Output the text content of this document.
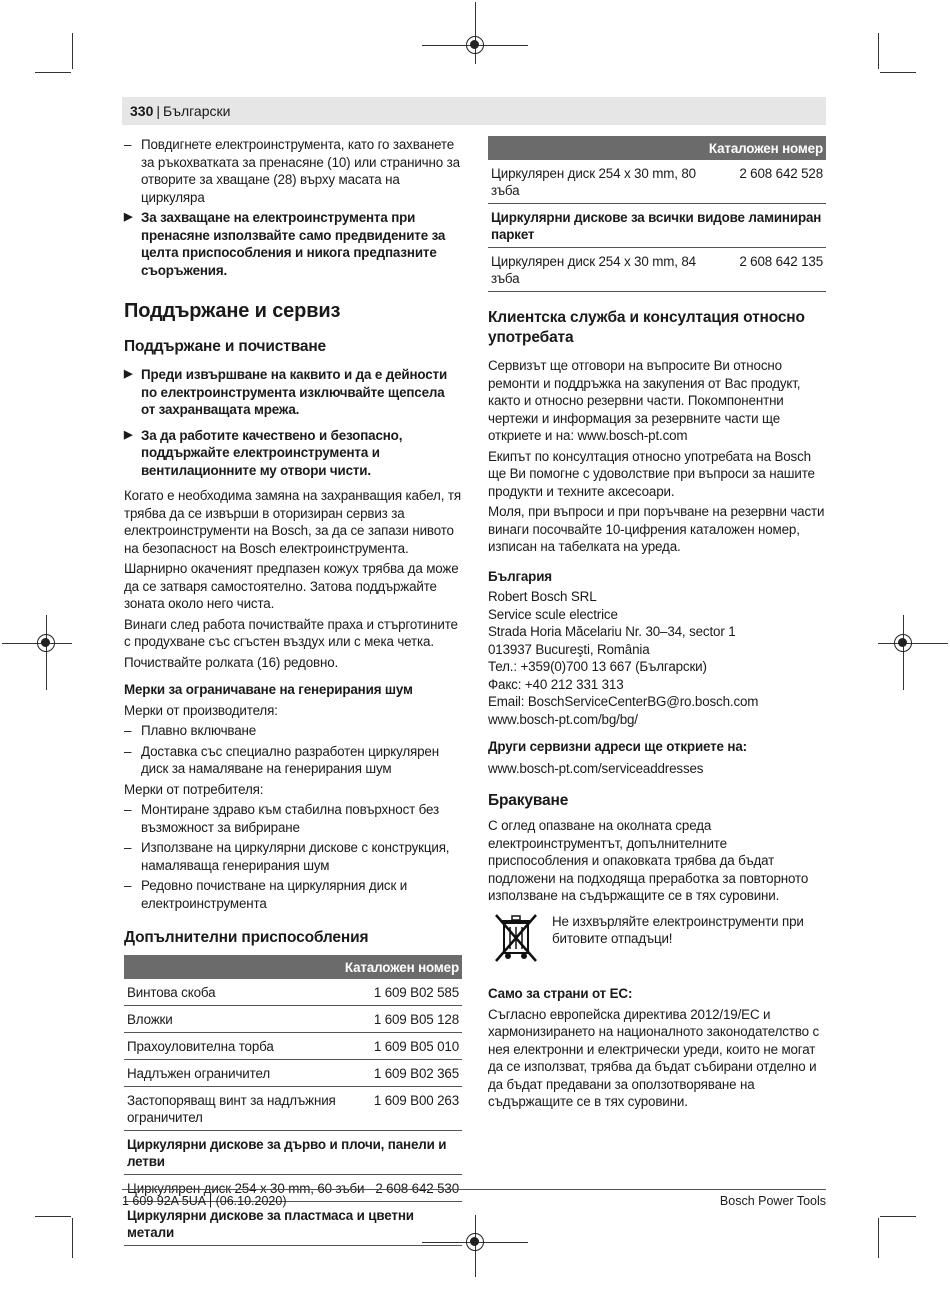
330 | Български
– Повдигнете електроинструмента, като го захванете за ръкохватката за пренасяне (10) или странично за отворите за хващане (28) върху масата на циркуляра
▶ За захващане на електроинструмента при пренасяне използвайте само предвидените за целта приспособления и никога предпазните съоръжения.
Поддържане и сервиз
Поддържане и почистване
▶ Преди извършване на каквито и да е дейности по електроинструмента изключвайте щепсела от захранващата мрежа.
▶ За да работите качествено и безопасно, поддържайте електроинструмента и вентилационните му отвори чисти.

Когато е необходима замяна на захранващия кабел, тя трябва да се извърши в оторизиран сервиз за електроинструменти на Bosch, за да се запази нивото на безопасност на Bosch електроинструмента.

Шарнирно окаченият предпазен кожух трябва да може да се затваря самостоятелно. Затова поддържайте зоната около него чиста.

Винаги след работа почиствайте праха и стърготините с продухване със сгъстен въздух или с мека четка.

Почиствайте ролката (16) редовно.

Мерки за ограничаване на генерирания шум

Мерки от производителя:

– Плавно включване
– Доставка със специално разработен циркулярен диск за намаляване на генерирания шум

Мерки от потребителя:

– Монтиране здраво към стабилна повърхност без възможност за вибриране
– Използване на циркулярни дискове с конструкция, намаляваща генерирания шум
– Редовно почистване на циркулярния диск и електроинструмента
Допълнителни приспособления
Каталожен номер	
Винтова скоба	1 609 B02 585
Вложки	1 609 B05 128
Прахоуловителна торба	1 609 B05 010
Надлъжен ограничител	1 609 B02 365
Застопоряващ винт за надлъжния ограничител	1 609 B00 263
Циркулярни дискове за дърво и плочи, панели и летви	
Циркулярен диск 254 x 30 mm, 60 зъби	2 608 642 530
Циркулярни дискове за пластмаса и цветни метали	
Каталожен номер	
Циркулярен диск 254 x 30 mm, 80 зъба	2 608 642 528
Циркулярни дискове за всички видове ламиниран паркет	
Циркулярен диск 254 x 30 mm, 84 зъба	2 608 642 135
Клиентска служба и консултация относно употребата

Сервизът ще отговори на въпросите Ви относно ремонти и поддръжка на закупения от Вас продукт, както и относно резервни части. Покомпонентни чертежи и информация за резервните части ще откриете и на: www.bosch-pt.com

Екипът по консултация относно употребата на Bosch ще Ви помогне с удоволствие при въпроси за нашите продукти и техните аксесоари.

Моля, при въпроси и при поръчване на резервни части винаги посочвайте 10-цифрения каталожен номер, изписан на табелката на уреда.

България
Robert Bosch SRL
Service scule electrice
Strada Horia Măcelariu Nr. 30–34, sector 1
013937 Bucureşti, România
Тел.: +359(0)700 13 667 (Български)
Факс: +40 212 331 313
Email: BoschServiceCenterBG@ro.bosch.com
www.bosch-pt.com/bg/bg/
Други сервизни адреси ще откриете на:
www.bosch-pt.com/serviceaddresses
Бракуване

С оглед опазване на околната среда електроинструментът, допълнителните приспособления и опаковката трябва да бъдат подложени на подходяща преработка за повторното използване на съдържащите се в тях суровини.

Не изхвърляйте електроинструменти при битовите отпадъци!
Само за страни от ЕС:

Съгласно европейска директива 2012/19/ЕС и хармонизирането на националното законодателство с нея електронни и електрически уреди, които не могат да се използват, трябва да бъдат събирани отделно и да бъдат предавани за оползотворяване на съдържащите се в тях суровини.

1 609 92A 5UA | (06.10.2020)	Bosch Power Tools
